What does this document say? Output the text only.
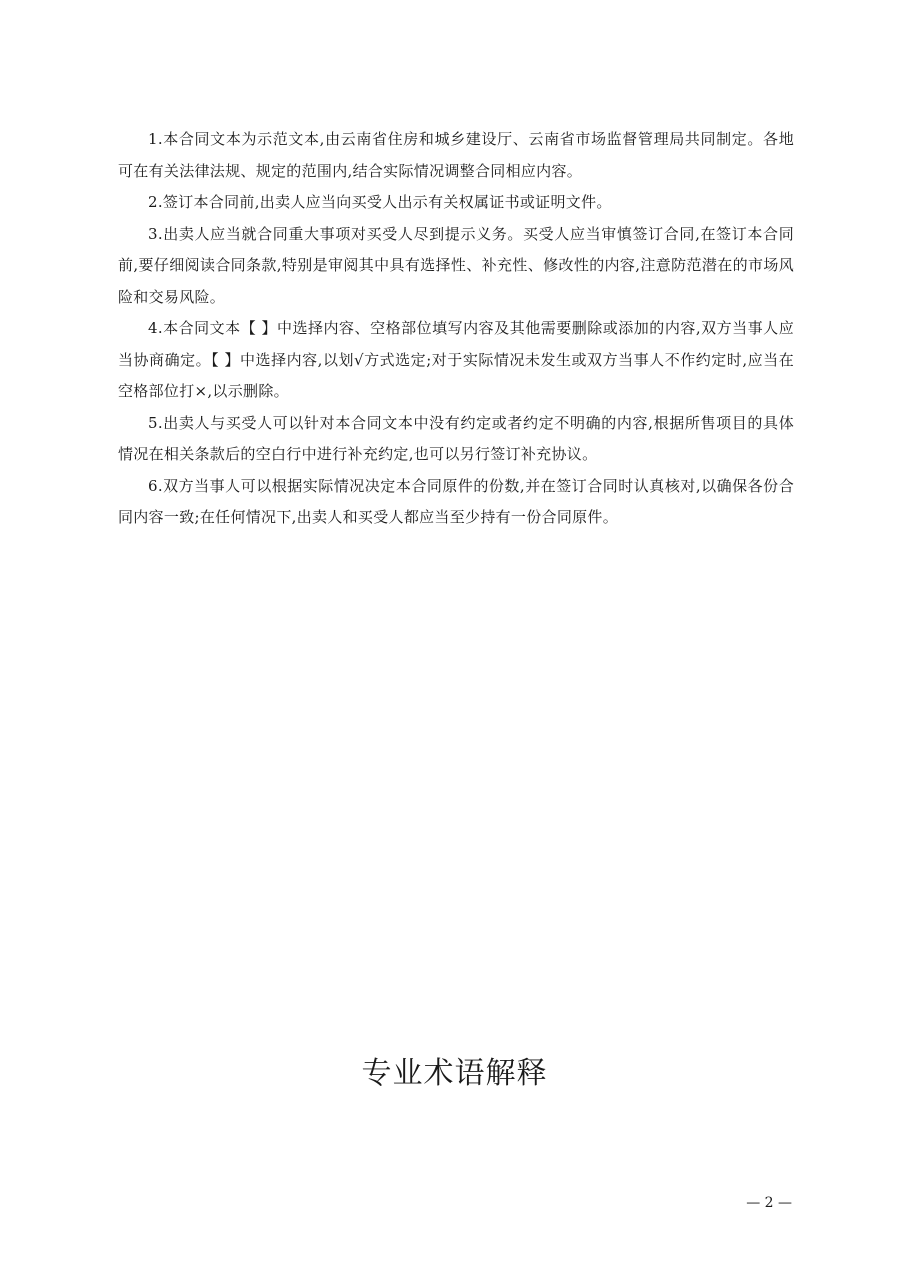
1.本合同文本为示范文本,由云南省住房和城乡建设厅、云南省市场监督管理局共同制定。各地可在有关法律法规、规定的范围内,结合实际情况调整合同相应内容。

2.签订本合同前,出卖人应当向买受人出示有关权属证书或证明文件。

3.出卖人应当就合同重大事项对买受人尽到提示义务。买受人应当审慎签订合同,在签订本合同前,要仔细阅读合同条款,特别是审阅其中具有选择性、补充性、修改性的内容,注意防范潜在的市场风险和交易风险。

4.本合同文本【 】中选择内容、空格部位填写内容及其他需要删除或添加的内容,双方当事人应当协商确定。【 】中选择内容,以划√方式选定;对于实际情况未发生或双方当事人不作约定时,应当在空格部位打×,以示删除。

5.出卖人与买受人可以针对本合同文本中没有约定或者约定不明确的内容,根据所售项目的具体情况在相关条款后的空白行中进行补充约定,也可以另行签订补充协议。

6.双方当事人可以根据实际情况决定本合同原件的份数,并在签订合同时认真核对,以确保各份合同内容一致;在任何情况下,出卖人和买受人都应当至少持有一份合同原件。

专业术语解释
— 2 —
